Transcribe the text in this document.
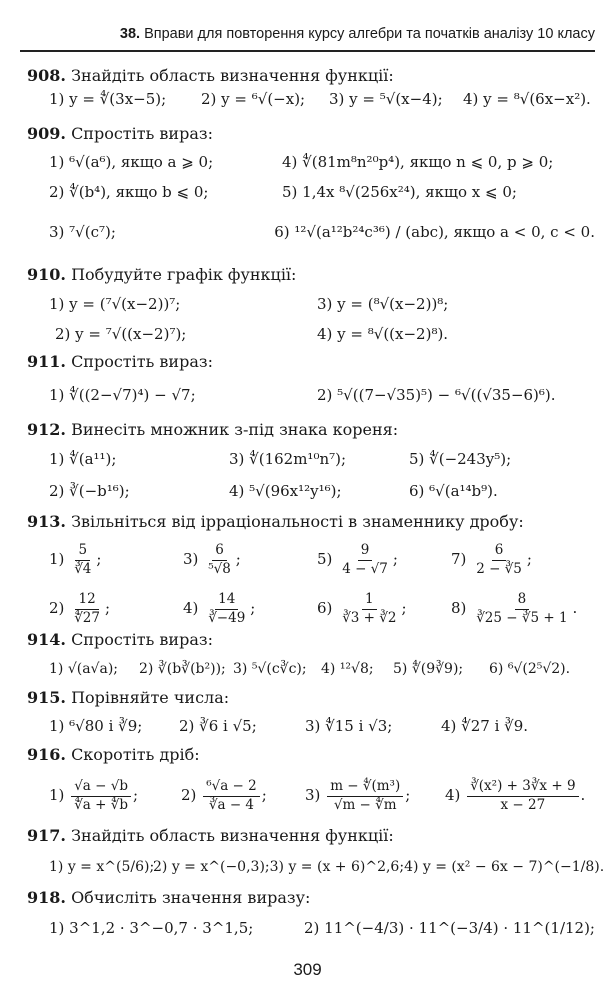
38. Вправи для повторення курсу алгебри та початків аналізу 10 класу
908. Знайдіть область визначення функції:
1) y = ∜(3x−5);	2) y = ⁶√(−x);	3) y = ⁵√(x−4);	4) y = ⁸√(6x−x²).
909. Спростіть вираз:
1) ⁶√(a⁶), якщо a ⩾ 0;	4) ∜(81m⁸n²⁰p⁴), якщо n ⩽ 0, p ⩾ 0;
2) ∜(b⁴), якщо b ⩽ 0;	5) 1,4x ⁸√(256x²⁴), якщо x ⩽ 0;
3) ⁷√(c⁷);	6) ¹²√(a¹²b²⁴c³⁶) / (abc), якщо a < 0, c < 0.
910. Побудуйте графік функції:
1) y = (⁷√(x−2))⁷;	3) y = (⁸√(x−2))⁸;
2) y = ⁷√((x−2)⁷);	4) y = ⁸√((x−2)⁸).
911. Спростіть вираз:
1) ∜((2−√7)⁴) − √7;	2) ⁵√((7−√35)⁵) − ⁶√((√35−6)⁶).
912. Винесіть множник з-під знака кореня:
1) ∜(a¹¹);	3) ∜(162m¹⁰n⁷);	5) ∜(−243y⁵);
2) ∛(−b¹⁶);	4) ⁵√(96x¹²y¹⁶);	6) ⁶√(a¹⁴b⁹).
913. Звільніться від ірраціональності в знаменнику дробу:
$1) \frac{5}{∛4}$ ;	$3) \frac{6}{\text{⁵√8}}$ ;	$5) \frac{9}{4 - √7}$ ;	$7) \frac{6}{2 - ∛5}$ ;
$2) \frac{12}{∜27}$ ;	$4) \frac{14}{∛-49}$ ;	$6) \frac{1}{∛3 + ∛2}$ ;	$8) \frac{8}{∛25 - ∛5 + 1}$ .
914. Спростіть вираз:
1) √(a√a);	2) ∛(b∛(b²)); 3) ⁵√(c∛c);	4) ¹²√8;	5) ∜(9∛9);	6) ⁶√(2⁵√2).
915. Порівняйте числа:
1) ⁶√80 і ∛9;	2) ∛6 і √5;	3) ∜15 і √3;	4) ∜27 і ∛9.
916. Скоротіть дріб:
$1) \frac{√a - √b}{∜a + ∜b}$ ;	$2) \frac{\text{⁶√a − 2}}{∛a - 4}$ ;	$3) \frac{\text{m − ∜(m³)}}{√m - ∜m}$ ;	$4) \frac{\text{∛(x²) + 3∛x + 9}}{x - 27}$ .
917. Знайдіть область визначення функції:
1) y = x^(5/6);
2) y = x^(−0,3); 3) y = (x + 6)^2,6; 4) y = (x² − 6x − 7)^(−1/8).
918. Обчисліть значення виразу:
1) 3^1,2 · 3^−0,7 · 3^1,5;	2) 11^(−4/3) · 11^(−3/4) · 11^(1/12);
309
